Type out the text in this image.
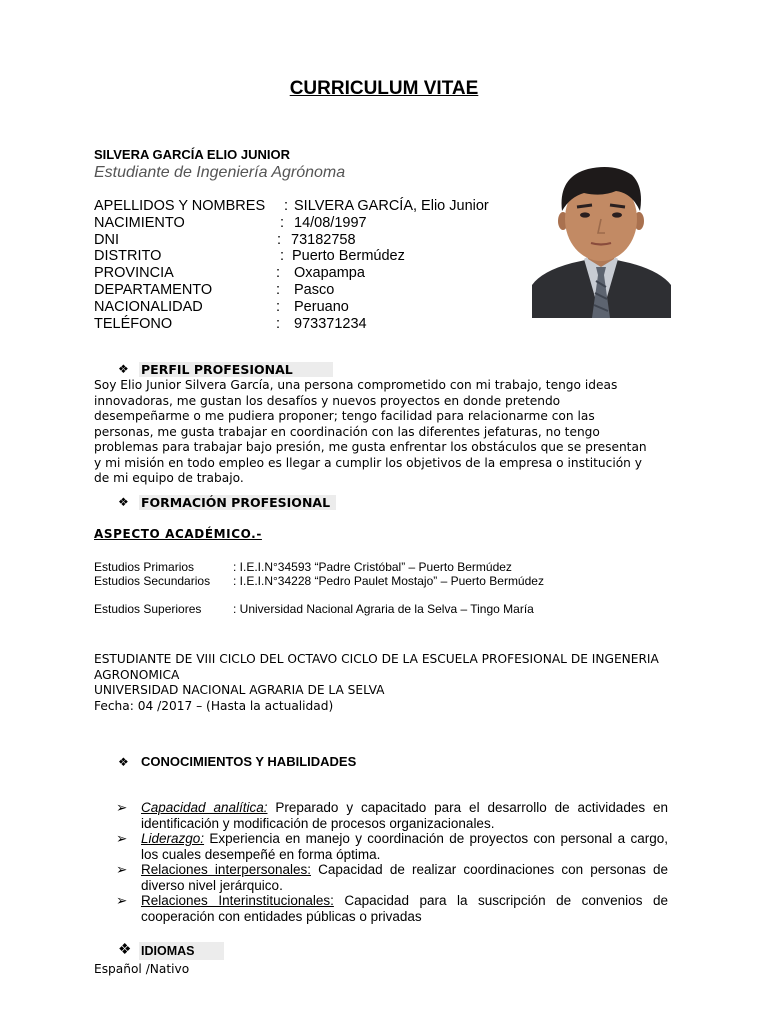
CURRICULUM VITAE
SILVERA GARCÍA ELIO JUNIOR
Estudiante de Ingeniería Agrónoma
APELLIDOS Y NOMBRES : SILVERA GARCÍA, Elio Junior
NACIMIENTO	: 14/08/1997
DNI	: 73182758
DISTRITO	: Puerto Bermúdez
PROVINCIA	: Oxapampa
DEPARTAMENTO	: Pasco
NACIONALIDAD	: Peruano
TELÉFONO	: 973371234
❖ PERFIL PROFESIONAL
Soy Elio Junior Silvera García, una persona comprometido con mi trabajo, tengo ideas
innovadoras, me gustan los desafíos y nuevos proyectos en donde pretendo
desempeñarme o me pudiera proponer; tengo facilidad para relacionarme con las
personas, me gusta trabajar en coordinación con las diferentes jefaturas, no tengo
problemas para trabajar bajo presión, me gusta enfrentar los obstáculos que se presentan
y mi misión en todo empleo es llegar a cumplir los objetivos de la empresa o institución y
de mi equipo de trabajo.
❖ FORMACIÓN PROFESIONAL
ASPECTO ACADÉMICO.-
Estudios Primarios	: I.E.I.N°34593 “Padre Cristóbal” – Puerto Bermúdez
Estudios Secundarios : I.E.I.N°34228 “Pedro Paulet Mostajo” – Puerto Bermúdez
Estudios Superiores	: Universidad Nacional Agraria de la Selva – Tingo María
ESTUDIANTE DE VIII CICLO DEL OCTAVO CICLO DE LA ESCUELA PROFESIONAL DE INGENERIA
AGRONOMICA
UNIVERSIDAD NACIONAL AGRARIA DE LA SELVA
Fecha: 04 /2017 – (Hasta la actualidad)
❖ CONOCIMIENTOS Y HABILIDADES
➢ Capacidad analítica: Preparado y capacitado para el desarrollo de actividades en identificación y modificación de procesos organizacionales.
➢ Liderazgo: Experiencia en manejo y coordinación de proyectos con personal a cargo, los cuales desempeñé en forma óptima.
➢ Relaciones interpersonales: Capacidad de realizar coordinaciones con personas de diverso nivel jerárquico.
➢ Relaciones Interinstitucionales: Capacidad para la suscripción de convenios de cooperación con entidades públicas o privadas
❖ IDIOMAS
Español /Nativo
